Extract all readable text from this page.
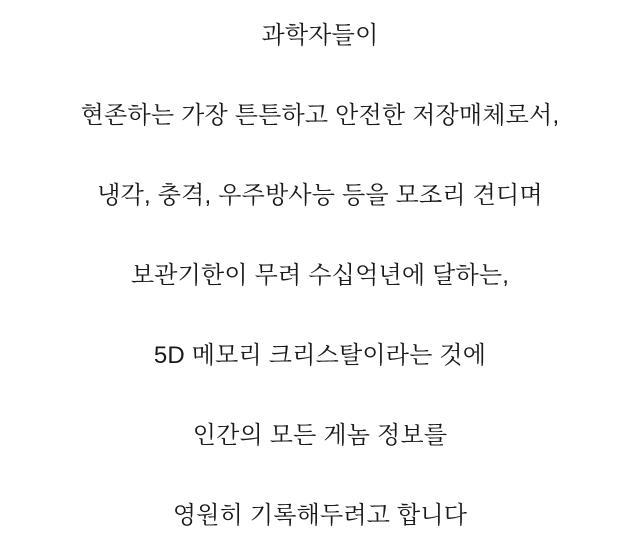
과학자들이
현존하는 가장 튼튼하고 안전한 저장매체로서,
냉각, 충격, 우주방사능 등을 모조리 견디며
보관기한이 무려 수십억년에 달하는,
5D 메모리 크리스탈이라는 것에
인간의 모든 게놈 정보를
영원히 기록해두려고 합니다
